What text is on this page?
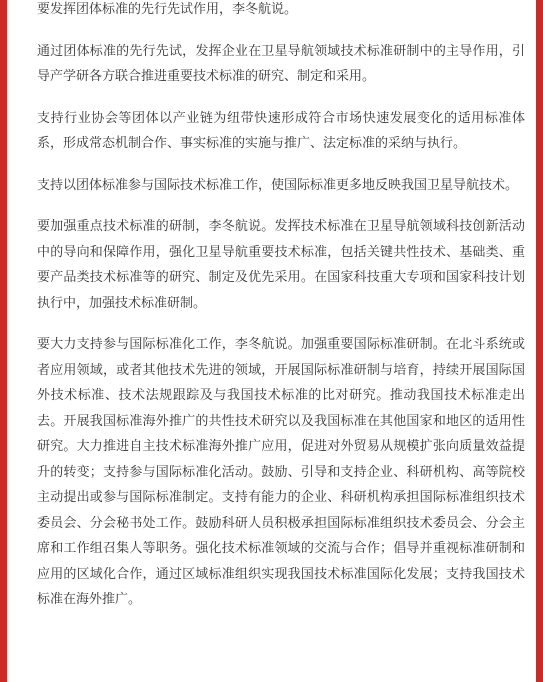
要发挥团体标准的先行先试作用，李冬航说。

通过团体标准的先行先试，发挥企业在卫星导航领域技术标准研制中的主导作用，引导产学研各方联合推进重要技术标准的研究、制定和采用。

支持行业协会等团体以产业链为纽带快速形成符合市场快速发展变化的适用标准体系，形成常态机制合作、事实标准的实施与推广、法定标准的采纳与执行。

支持以团体标准参与国际技术标准工作，使国际标准更多地反映我国卫星导航技术。

要加强重点技术标准的研制，李冬航说。发挥技术标准在卫星导航领域科技创新活动中的导向和保障作用，强化卫星导航重要技术标准，包括关键共性技术、基础类、重要产品类技术标准等的研究、制定及优先采用。在国家科技重大专项和国家科技计划执行中，加强技术标准研制。

要大力支持参与国际标准化工作，李冬航说。加强重要国际标准研制。在北斗系统或者应用领域，或者其他技术先进的领域，开展国际标准研制与培育，持续开展国际国外技术标准、技术法规跟踪及与我国技术标准的比对研究。推动我国技术标准走出去。开展我国标准海外推广的共性技术研究以及我国标准在其他国家和地区的适用性研究。大力推进自主技术标准海外推广应用，促进对外贸易从规模扩张向质量效益提升的转变；支持参与国际标准化活动。鼓励、引导和支持企业、科研机构、高等院校主动提出或参与国际标准制定。支持有能力的企业、科研机构承担国际标准组织技术委员会、分会秘书处工作。鼓励科研人员积极承担国际标准组织技术委员会、分会主席和工作组召集人等职务。强化技术标准领域的交流与合作；倡导并重视标准研制和应用的区域化合作，通过区域标准组织实现我国技术标准国际化发展；支持我国技术标准在海外推广。
